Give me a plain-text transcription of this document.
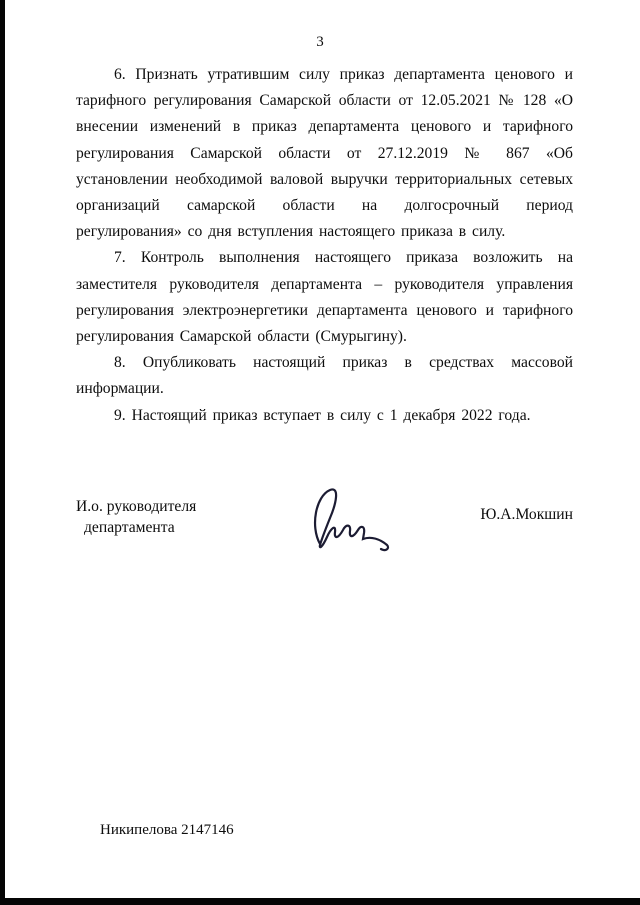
3

6. Признать утратившим силу приказ департамента ценового и тарифного регулирования Самарской области от 12.05.2021 № 128 «О внесении изменений в приказ департамента ценового и тарифного регулирования Самарской области от 27.12.2019 № 867 «Об установлении необходимой валовой выручки территориальных сетевых организаций самарской области на долгосрочный период регулирования» со дня вступления настоящего приказа в силу.

7. Контроль выполнения настоящего приказа возложить на заместителя руководителя департамента – руководителя управления регулирования электроэнергетики департамента ценового и тарифного регулирования Самарской области (Смурыгину).

8. Опубликовать настоящий приказ в средствах массовой информации.

9. Настоящий приказ вступает в силу с 1 декабря 2022 года.

И.о. руководителя
департамента
Ю.А.Мокшин
Никипелова 2147146
